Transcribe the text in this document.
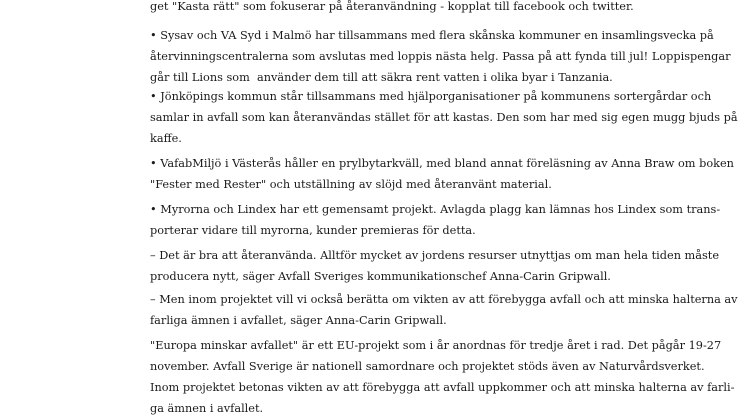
get "Kasta rätt" som fokuserar på återanvändning - kopplat till facebook och twitter.
• Sysav och VA Syd i Malmö har tillsammans med flera skånska kommuner en insamlingsvecka på
återvinningscentralerna som avslutas med loppis nästa helg. Passa på att fynda till jul! Loppispengar
går till Lions som  använder dem till att säkra rent vatten i olika byar i Tanzania.
• Jönköpings kommun står tillsammans med hjälporganisationer på kommunens sortergårdar och
samlar in avfall som kan återanvändas stället för att kastas. Den som har med sig egen mugg bjuds på
kaffe.
• VafabMiljö i Västerås håller en prylbytarkväll, med bland annat föreläsning av Anna Braw om boken
"Fester med Rester" och utställning av slöjd med återanvänt material.
• Myrorna och Lindex har ett gemensamt projekt. Avlagda plagg kan lämnas hos Lindex som trans-
porterar vidare till myrorna, kunder premieras för detta.
– Det är bra att återanvända. Alltför mycket av jordens resurser utnyttjas om man hela tiden måste
producera nytt, säger Avfall Sveriges kommunikationschef Anna-Carin Gripwall.
– Men inom projektet vill vi också berätta om vikten av att förebygga avfall och att minska halterna av
farliga ämnen i avfallet, säger Anna-Carin Gripwall.
"Europa minskar avfallet" är ett EU-projekt som i år anordnas för tredje året i rad. Det pågår 19-27
november. Avfall Sverige är nationell samordnare och projektet stöds även av Naturvårdsverket.
Inom projektet betonas vikten av att förebygga att avfall uppkommer och att minska halterna av farli-
ga ämnen i avfallet.
